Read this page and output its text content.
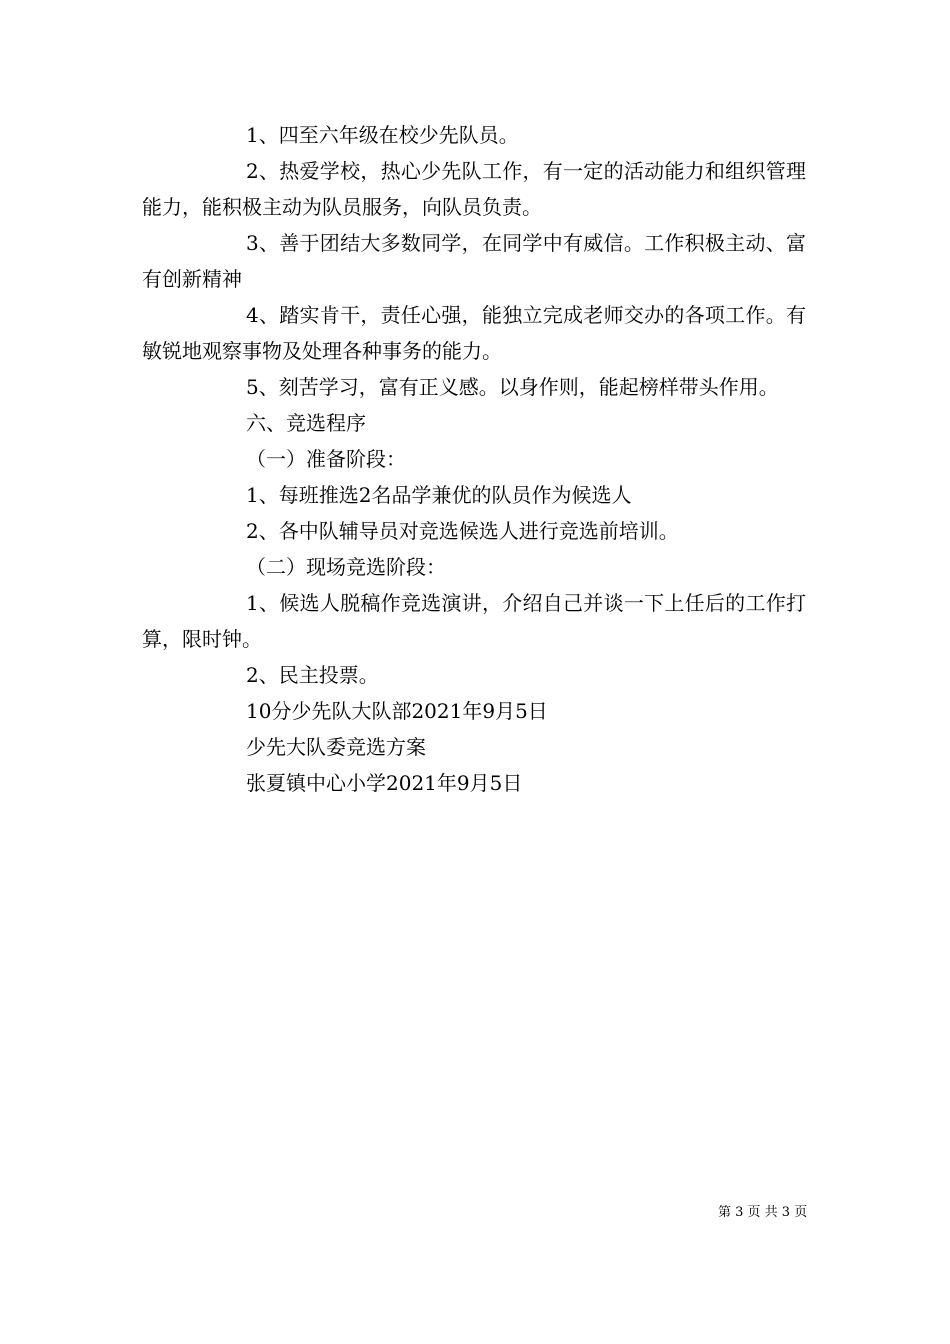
1、四至六年级在校少先队员。

2、热爱学校，热心少先队工作，有一定的活动能力和组织管理能力，能积极主动为队员服务，向队员负责。

3、善于团结大多数同学，在同学中有威信。工作积极主动、富有创新精神

4、踏实肯干，责任心强，能独立完成老师交办的各项工作。有敏锐地观察事物及处理各种事务的能力。

5、刻苦学习，富有正义感。以身作则，能起榜样带头作用。

六、竞选程序

（一）准备阶段：

1、每班推选2名品学兼优的队员作为候选人

2、各中队辅导员对竞选候选人进行竞选前培训。

（二）现场竞选阶段：

1、候选人脱稿作竞选演讲，介绍自己并谈一下上任后的工作打算，限时钟。

2、民主投票。

10分少先队大队部2021年9月5日

少先大队委竞选方案

张夏镇中心小学2021年9月5日

第 3 页 共 3 页
